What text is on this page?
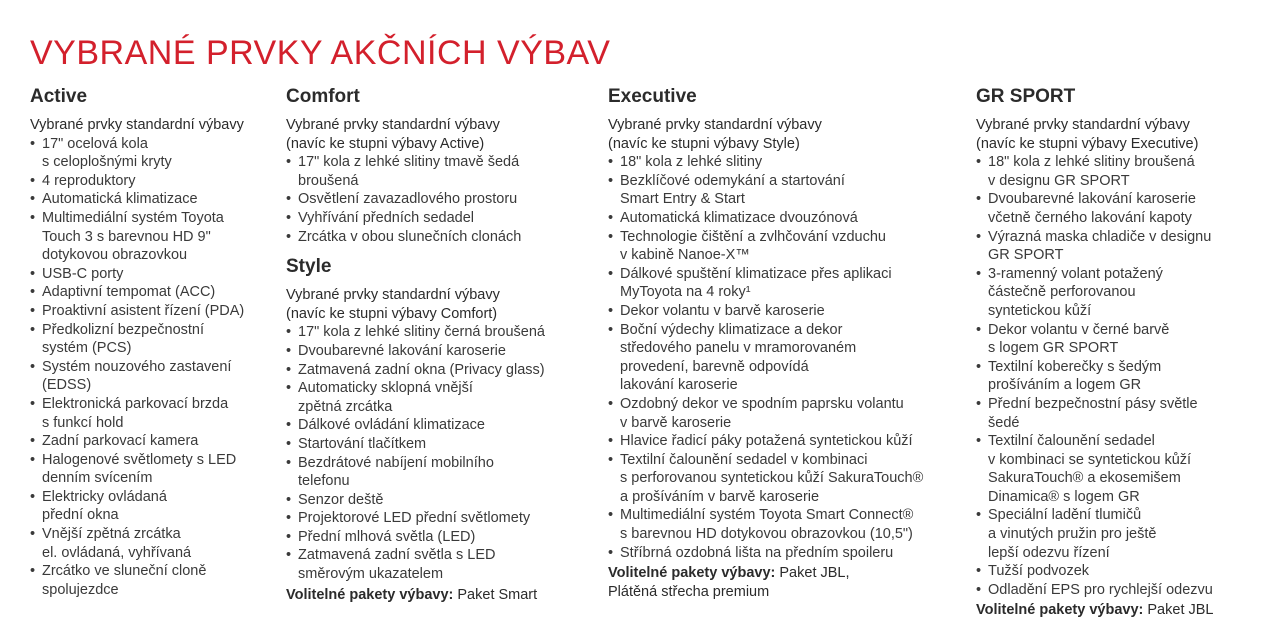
VYBRANÉ PRVKY AKČNÍCH VÝBAV
Active
Vybrané prvky standardní výbavy
• 17" ocelová kola
s celoplošnými kryty
• 4 reproduktory
• Automatická klimatizace
• Multimediální systém Toyota
Touch 3 s barevnou HD 9"
dotykovou obrazovkou
• USB-C porty
• Adaptivní tempomat (ACC)
• Proaktivní asistent řízení (PDA)
• Předkolizní bezpečnostní
systém (PCS)
• Systém nouzového zastavení
(EDSS)
• Elektronická parkovací brzda
s funkcí hold
• Zadní parkovací kamera
• Halogenové světlomety s LED
denním svícením
• Elektricky ovládaná
přední okna
• Vnější zpětná zrcátka
el. ovládaná, vyhřívaná
• Zrcátko ve sluneční cloně
spolujezdce
Comfort
Vybrané prvky standardní výbavy
(navíc ke stupni výbavy Active)
• 17" kola z lehké slitiny tmavě šedá
broušená
• Osvětlení zavazadlového prostoru
• Vyhřívání předních sedadel
• Zrcátka v obou slunečních clonách
Style
Vybrané prvky standardní výbavy
(navíc ke stupni výbavy Comfort)
• 17" kola z lehké slitiny černá broušená
• Dvoubarevné lakování karoserie
• Zatmavená zadní okna (Privacy glass)
• Automaticky sklopná vnější
zpětná zrcátka
• Dálkové ovládání klimatizace
• Startování tlačítkem
• Bezdrátové nabíjení mobilního
telefonu
• Senzor deště
• Projektorové LED přední světlomety
• Přední mlhová světla (LED)
• Zatmavená zadní světla s LED
směrovým ukazatelem
Volitelné pakety výbavy: Paket Smart
Executive
Vybrané prvky standardní výbavy
(navíc ke stupni výbavy Style)
• 18" kola z lehké slitiny
• Bezklíčové odemykání a startování
Smart Entry & Start
• Automatická klimatizace dvouzónová
• Technologie čištění a zvlhčování vzduchu
v kabině Nanoe-X™
• Dálkové spuštění klimatizace přes aplikaci
MyToyota na 4 roky¹
• Dekor volantu v barvě karoserie
• Boční výdechy klimatizace a dekor
středového panelu v mramorovaném
provedení, barevně odpovídá
lakování karoserie
• Ozdobný dekor ve spodním paprsku volantu
v barvě karoserie
• Hlavice řadicí páky potažená syntetickou kůží
• Textilní čalounění sedadel v kombinaci
s perforovanou syntetickou kůží SakuraTouch®
a prošíváním v barvě karoserie
• Multimediální systém Toyota Smart Connect®
s barevnou HD dotykovou obrazovkou (10,5")
• Stříbrná ozdobná lišta na předním spoileru
Volitelné pakety výbavy: Paket JBL,
Plátěná střecha premium
GR SPORT
Vybrané prvky standardní výbavy
(navíc ke stupni výbavy Executive)
• 18" kola z lehké slitiny broušená
v designu GR SPORT
• Dvoubarevné lakování karoserie
včetně černého lakování kapoty
• Výrazná maska chladiče v designu
GR SPORT
• 3-ramenný volant potažený
částečně perforovanou
syntetickou kůží
• Dekor volantu v černé barvě
s logem GR SPORT
• Textilní koberečky s šedým
prošíváním a logem GR
• Přední bezpečnostní pásy světle
šedé
• Textilní čalounění sedadel
v kombinaci se syntetickou kůží
SakuraTouch® a ekosemišem
Dinamica® s logem GR
• Speciální ladění tlumičů
a vinutých pružin pro ještě
lepší odezvu řízení
• Tužší podvozek
• Odladění EPS pro rychlejší odezvu
Volitelné pakety výbavy: Paket JBL
